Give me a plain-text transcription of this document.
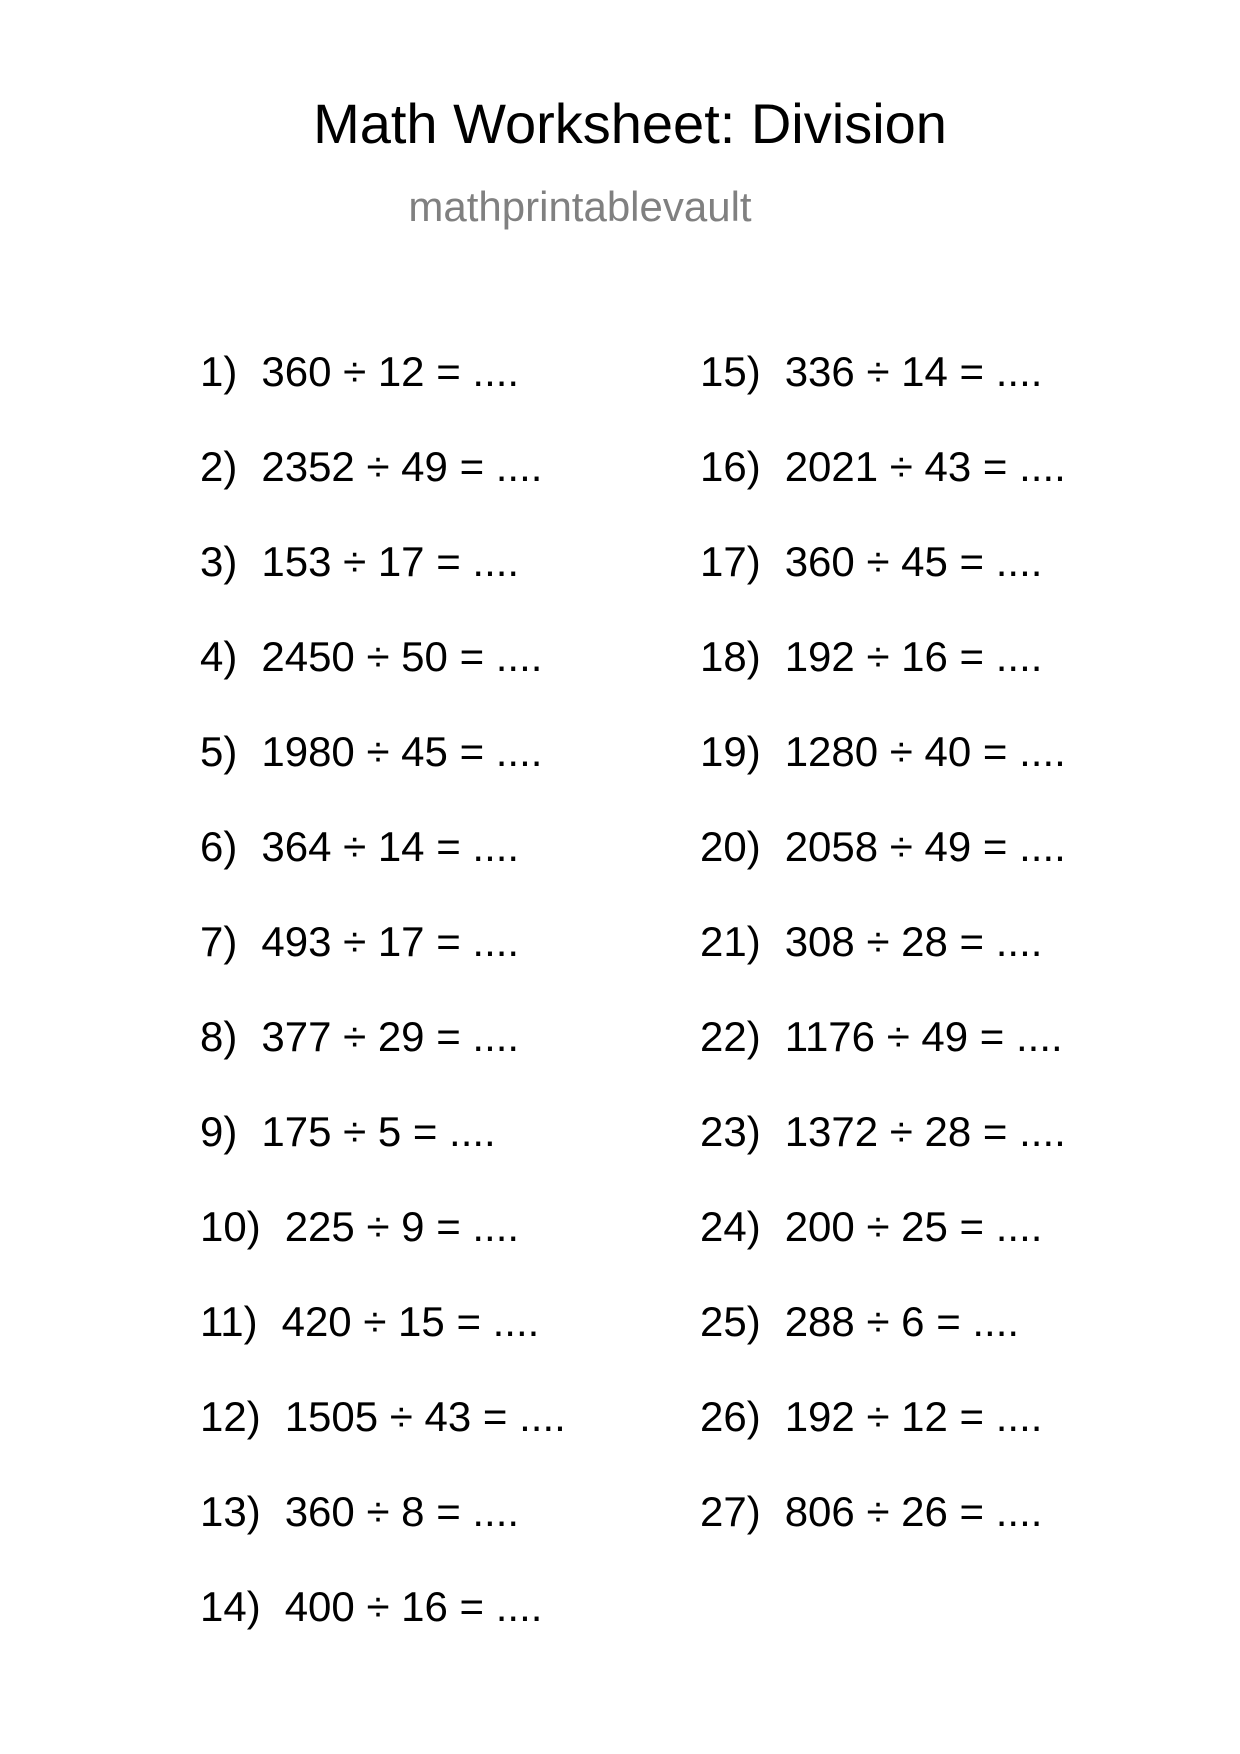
Math Worksheet: Division
mathprintablevault
1) 360 ÷ 12 = ....
2) 2352 ÷ 49 = ....
3) 153 ÷ 17 = ....
4) 2450 ÷ 50 = ....
5) 1980 ÷ 45 = ....
6) 364 ÷ 14 = ....
7) 493 ÷ 17 = ....
8) 377 ÷ 29 = ....
9) 175 ÷ 5 = ....
10) 225 ÷ 9 = ....
11) 420 ÷ 15 = ....
12) 1505 ÷ 43 = ....
13) 360 ÷ 8 = ....
14) 400 ÷ 16 = ....
15) 336 ÷ 14 = ....
16) 2021 ÷ 43 = ....
17) 360 ÷ 45 = ....
18) 192 ÷ 16 = ....
19) 1280 ÷ 40 = ....
20) 2058 ÷ 49 = ....
21) 308 ÷ 28 = ....
22) 1176 ÷ 49 = ....
23) 1372 ÷ 28 = ....
24) 200 ÷ 25 = ....
25) 288 ÷ 6 = ....
26) 192 ÷ 12 = ....
27) 806 ÷ 26 = ....
